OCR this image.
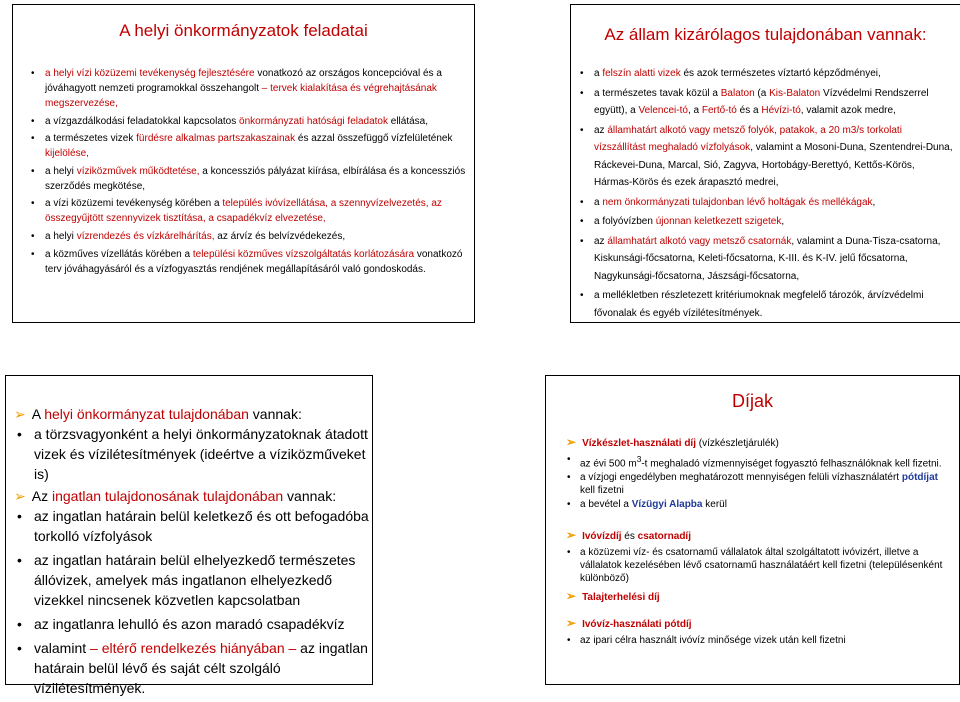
A helyi önkormányzatok feladatai
• a helyi vízi közüzemi tevékenység fejlesztésére vonatkozó az országos koncepcióval és a jóváhagyott nemzeti programokkal összehangolt – tervek kialakítása és végrehajtásának megszervezése,
• a vízgazdálkodási feladatokkal kapcsolatos önkormányzati hatósági feladatok ellátása,
• a természetes vizek fürdésre alkalmas partszakaszainak és azzal összefüggő vízfelületének kijelölése,
• a helyi víziközművek működtetése, a koncessziós pályázat kiírása, elbírálása és a koncessziós szerződés megkötése,
• a vízi közüzemi tevékenység körében a település ivóvízellátása, a szennyvízelvezetés, az összegyűjtött szennyvizek tisztítása, a csapadékvíz elvezetése,
• a helyi vízrendezés és vízkárelhárítás, az árvíz és belvízvédekezés,
• a közműves vízellátás körében a települési közműves vízszolgáltatás korlátozására vonatkozó terv jóváhagyásáról és a vízfogyasztás rendjének megállapításáról való gondoskodás.
Az állam kizárólagos tulajdonában vannak:
• a felszín alatti vizek és azok természetes víztartó képződményei,
• a természetes tavak közül a Balaton (a Kis-Balaton Vízvédelmi Rendszerrel együtt), a Velencei-tó, a Fertő-tó és a Hévízi-tó, valamit azok medre,
• az államhatárt alkotó vagy metsző folyók, patakok, a 20 m3/s torkolati vízszállítást meghaladó vízfolyások, valamint a Mosoni-Duna, Szentendrei-Duna, Ráckevei-Duna, Marcal, Sió, Zagyva, Hortobágy-Berettyó, Kettős-Körös, Hármas-Körös és ezek árapasztó medrei,
• a nem önkormányzati tulajdonban lévő holtágak és mellékágak,
• a folyóvízben újonnan keletkezett szigetek,
• az államhatárt alkotó vagy metsző csatornák, valamint a Duna-Tisza-csatorna, Kiskunsági-főcsatorna, Keleti-főcsatorna, K-III. és K-IV. jelű főcsatorna, Nagykunsági-főcsatorna, Jászsági-főcsatorna,
• a mellékletben részletezett kritériumoknak megfelelő tározók, árvízvédelmi fővonalak és egyéb vízilétesítmények.
➢ A helyi önkormányzat tulajdonában vannak:
• a törzsvagyonként a helyi önkormányzatoknak átadott vizek és vízilétesítmények (ideértve a víziközműveket is)
➢ Az ingatlan tulajdonosának tulajdonában vannak:
• az ingatlan határain belül keletkező és ott befogadóba torkolló vízfolyások
• az ingatlan határain belül elhelyezkedő természetes állóvizek, amelyek más ingatlanon elhelyezkedő vizekkel nincsenek közvetlen kapcsolatban
• az ingatlanra lehulló és azon maradó csapadékvíz
• valamint – eltérő rendelkezés hiányában – az ingatlan határain belül lévő és saját célt szolgáló vízilétesítmények.
Díjak
➢ Vízkészlet-használati díj (vízkészletjárulék)
• az évi 500 $m^3-t$ meghaladó vízmennyiséget fogyasztó felhasználóknak kell fizetni.
• a vízjogi engedélyben meghatározott mennyiségen felüli vízhasználatért pótdíjat kell fizetni
• a bevétel a Vízügyi Alapba kerül
➢ Ivóvízdíj és csatornadíj
• a közüzemi víz- és csatornamű vállalatok által szolgáltatott ivóvizért, illetve a vállalatok kezelésében lévő csatornamű használatáért kell fizetni (településenként különböző)
➢ Talajterhelési díj
➢ Ivóvíz-használati pótdíj
• az ipari célra használt ivóvíz minősége vizek után kell fizetni
